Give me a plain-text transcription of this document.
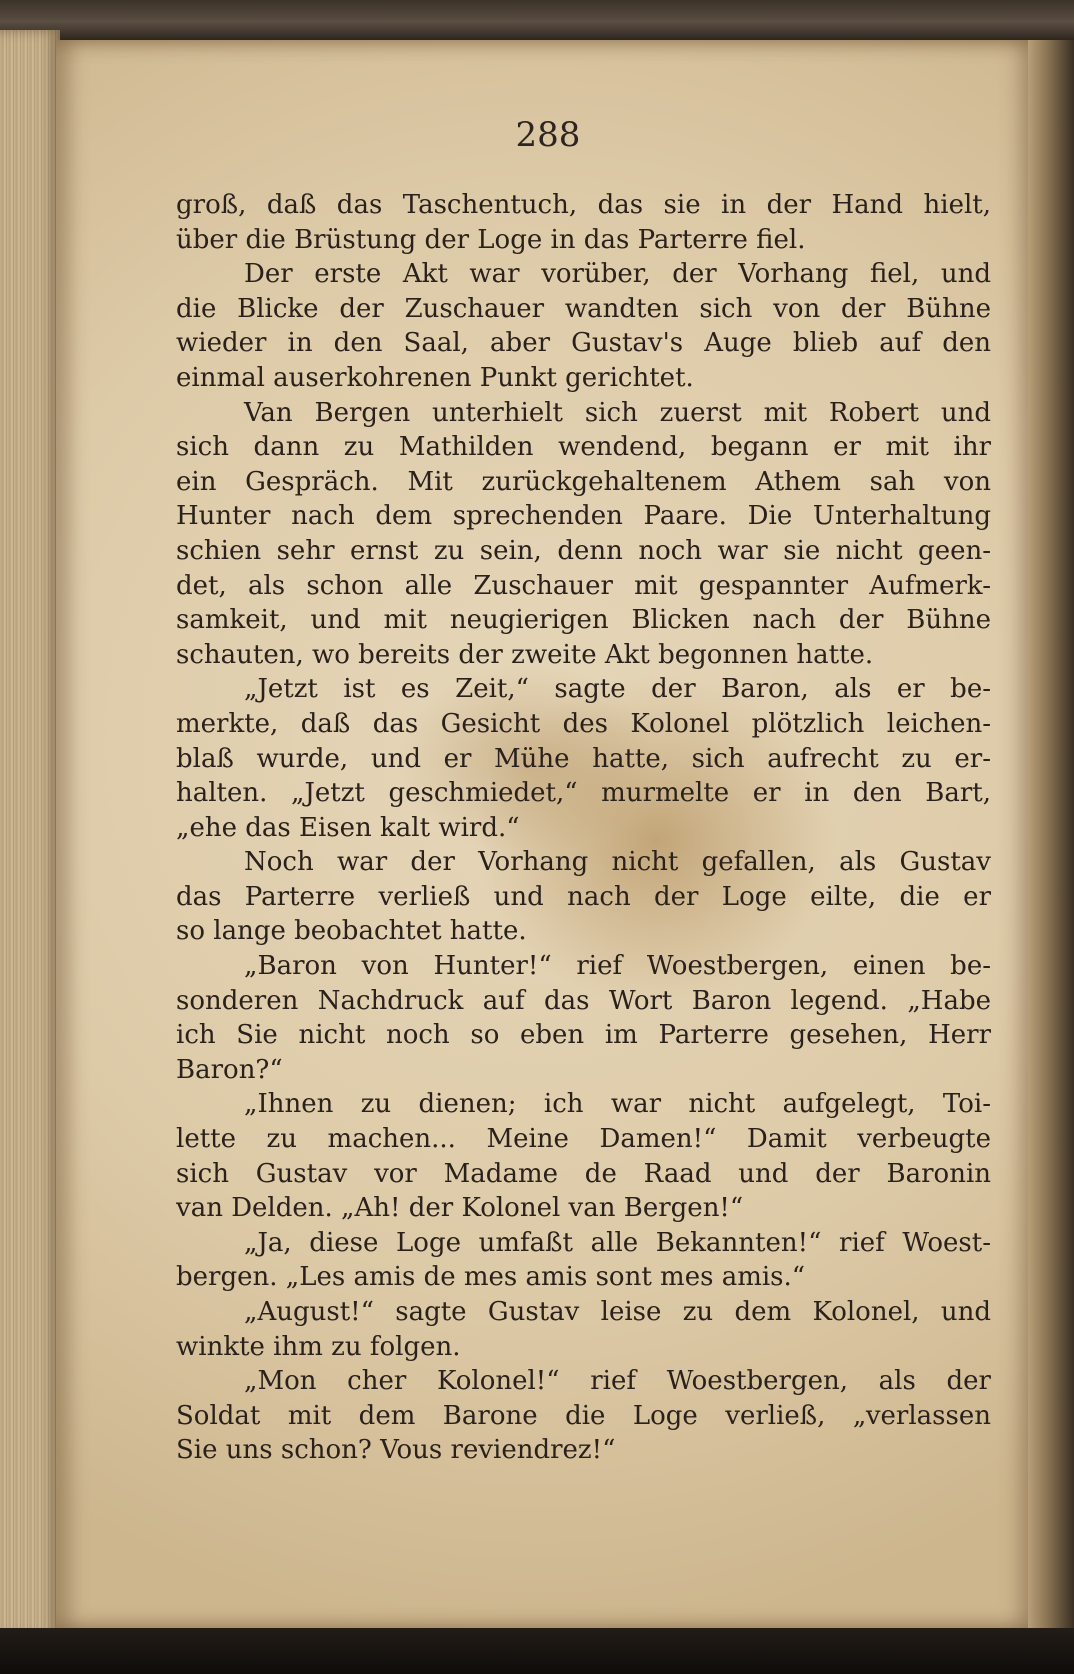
288
groß, daß das Taschentuch, das sie in der Hand hielt,
über die Brüstung der Loge in das Parterre fiel.
Der erste Akt war vorüber, der Vorhang fiel, und
die Blicke der Zuschauer wandten sich von der Bühne
wieder in den Saal, aber Gustav's Auge blieb auf den
einmal auserkohrenen Punkt gerichtet.
Van Bergen unterhielt sich zuerst mit Robert und
sich dann zu Mathilden wendend, begann er mit ihr
ein Gespräch. Mit zurückgehaltenem Athem sah von
Hunter nach dem sprechenden Paare. Die Unterhaltung
schien sehr ernst zu sein, denn noch war sie nicht geen-
det, als schon alle Zuschauer mit gespannter Aufmerk-
samkeit, und mit neugierigen Blicken nach der Bühne
schauten, wo bereits der zweite Akt begonnen hatte.
„Jetzt ist es Zeit,“ sagte der Baron, als er be-
merkte, daß das Gesicht des Kolonel plötzlich leichen-
blaß wurde, und er Mühe hatte, sich aufrecht zu er-
halten. „Jetzt geschmiedet,“ murmelte er in den Bart,
„ehe das Eisen kalt wird.“
Noch war der Vorhang nicht gefallen, als Gustav
das Parterre verließ und nach der Loge eilte, die er
so lange beobachtet hatte.
„Baron von Hunter!“ rief Woestbergen, einen be-
sonderen Nachdruck auf das Wort Baron legend. „Habe
ich Sie nicht noch so eben im Parterre gesehen, Herr
Baron?“
„Ihnen zu dienen; ich war nicht aufgelegt, Toi-
lette zu machen... Meine Damen!“ Damit verbeugte
sich Gustav vor Madame de Raad und der Baronin
van Delden. „Ah! der Kolonel van Bergen!“
„Ja, diese Loge umfaßt alle Bekannten!“ rief Woest-
bergen. „Les amis de mes amis sont mes amis.“
„August!“ sagte Gustav leise zu dem Kolonel, und
winkte ihm zu folgen.
„Mon cher Kolonel!“ rief Woestbergen, als der
Soldat mit dem Barone die Loge verließ, „verlassen
Sie uns schon? Vous reviendrez!“
